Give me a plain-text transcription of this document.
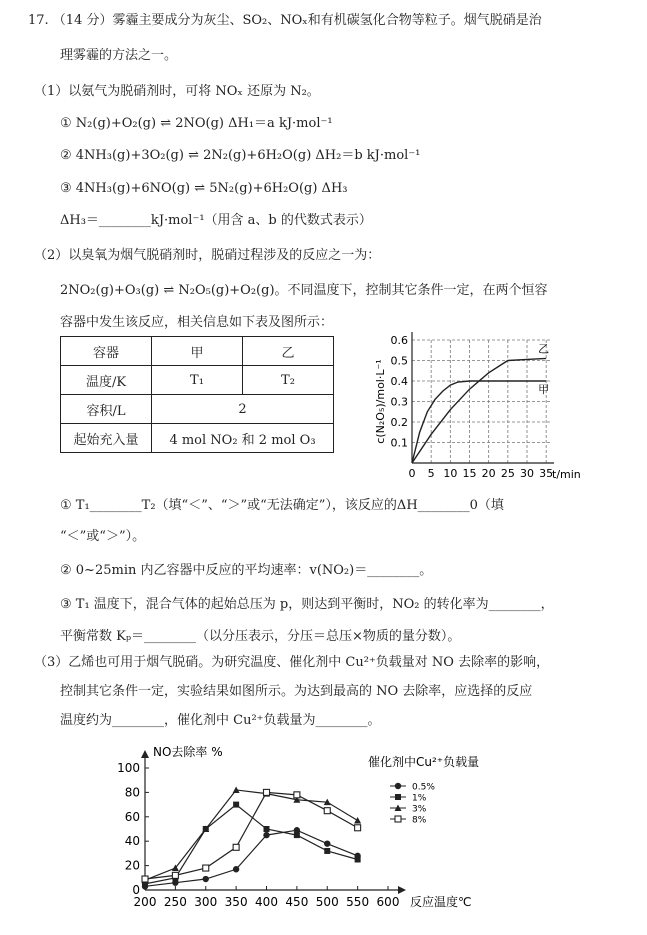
17. （14 分）雾霾主要成分为灰尘、SO₂、NOₓ和有机碳氢化合物等粒子。烟气脱硝是治
理雾霾的方法之一。
（1）以氨气为脱硝剂时，可将 NOₓ 还原为 N₂。
① N₂(g)+O₂(g) ⇌ 2NO(g) ΔH₁＝a kJ·mol⁻¹
② 4NH₃(g)+3O₂(g) ⇌ 2N₂(g)+6H₂O(g) ΔH₂＝b kJ·mol⁻¹
③ 4NH₃(g)+6NO(g) ⇌ 5N₂(g)+6H₂O(g) ΔH₃
ΔH₃＝________kJ·mol⁻¹（用含 a、b 的代数式表示）
（2）以臭氧为烟气脱硝剂时，脱硝过程涉及的反应之一为：
2NO₂(g)+O₃(g) ⇌ N₂O₅(g)+O₂(g)。不同温度下，控制其它条件一定，在两个恒容
容器中发生该反应，相关信息如下表及图所示：
容器	甲	乙
温度/K	T₁	T₂
容积/L	2	
起始充入量	4 mol NO₂ 和 2 mol O₃		0.1
0.2
0.3
0.4
0.5
0.6
0 5 10 15 20 25 30 35
t/min
c(N₂O₅)/mol·L⁻¹	甲
乙
① T₁________T₂（填“＜”、“＞”或“无法确定”），该反应的ΔH________0（填
“＜”或“＞”）。
② 0~25min 内乙容器中反应的平均速率：v(NO₂)＝________。
③ T₁ 温度下，混合气体的起始总压为 p，则达到平衡时，NO₂ 的转化率为________，
平衡常数 Kₚ＝________（以分压表示，分压＝总压×物质的量分数）。
（3）乙烯也可用于烟气脱硝。为研究温度、催化剂中 Cu²⁺负载量对 NO 去除率的影响，
控制其它条件一定，实验结果如图所示。为达到最高的 NO 去除率，应选择的反应
温度约为________，催化剂中 Cu²⁺负载量为________。
NO去除率 %
反应温度℃
0
20
40
60
80
100
200 250 300 350 400 450 500 550 600
催化剂中Cu²⁺负载量
0.5%
1%
3%
8%
